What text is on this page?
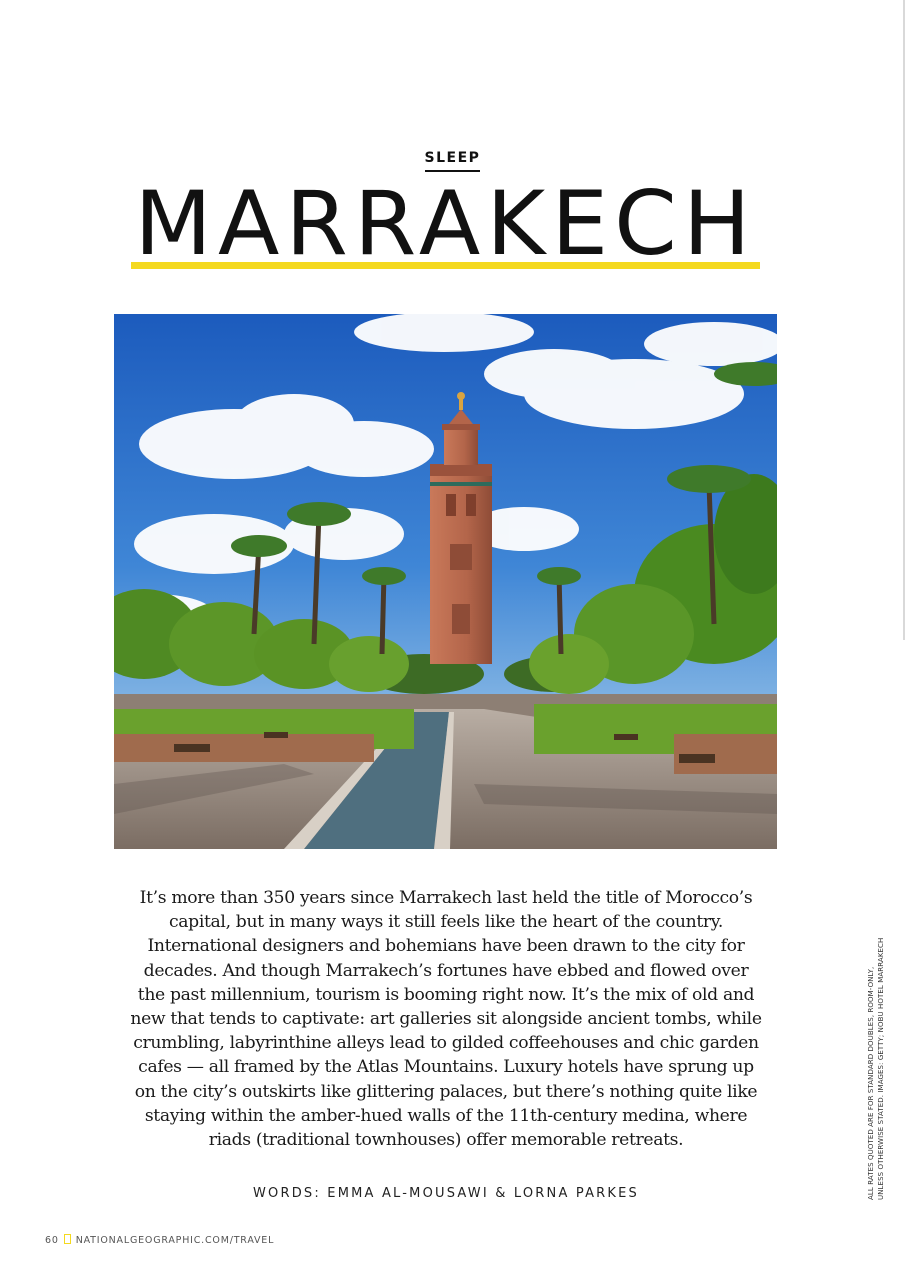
SLEEP
MARRAKECH
It’s more than 350 years since Marrakech last held the title of Morocco’s
capital, but in many ways it still feels like the heart of the country.
International designers and bohemians have been drawn to the city for
decades. And though Marrakech’s fortunes have ebbed and flowed over
the past millennium, tourism is booming right now. It’s the mix of old and
new that tends to captivate: art galleries sit alongside ancient tombs, while
crumbling, labyrinthine alleys lead to gilded coffeehouses and chic garden
cafes — all framed by the Atlas Mountains. Luxury hotels have sprung up
on the city’s outskirts like glittering palaces, but there’s nothing quite like
staying within the amber-hued walls of the 11th-century medina, where
riads (traditional townhouses) offer memorable retreats.
WORDS: EMMA AL-MOUSAWI & LORNA PARKES
60 NATIONALGEOGRAPHIC.COM/TRAVEL
ALL RATES QUOTED ARE FOR STANDARD DOUBLES, ROOM-ONLY, UNLESS OTHERWISE STATED. IMAGES: GETTY; NOBU HOTEL MARRAKECH
